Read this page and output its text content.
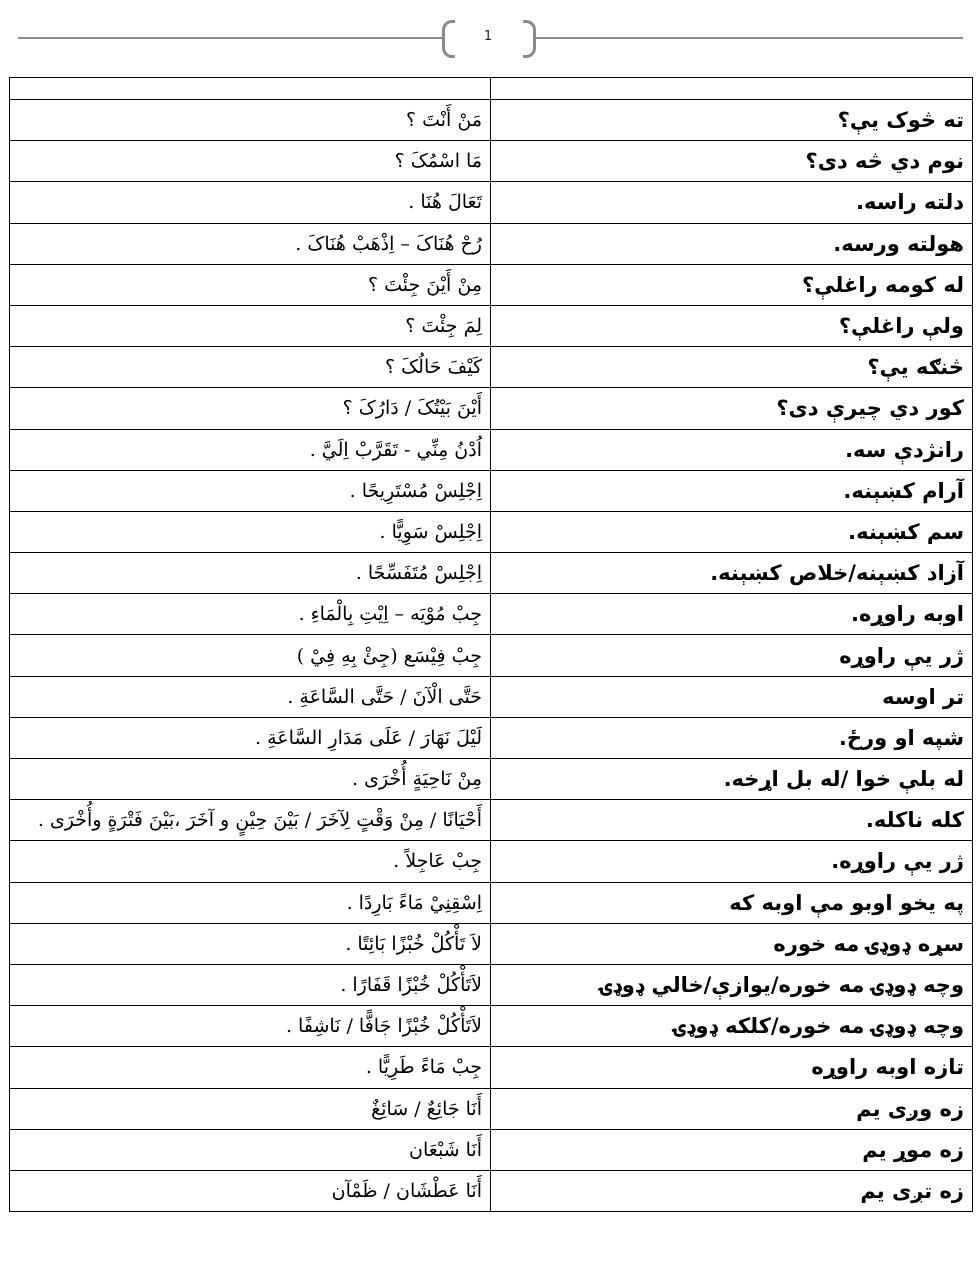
1

مَنْ أَنْتَ ؟	ته څوک یې؟
مَا اسْمُکَ ؟	نوم دي څه دی؟
تَعَالَ هُنَا .	دلته راسه.
رُحْ هُنَاکَ – اِذْهَبْ هُنَاکَ .	هولته ورسه.
مِنْ أَيْنَ جِئْتَ ؟	له کومه راغلې؟
لِمَ جِئْتَ ؟	ولې راغلې؟
کَيْفَ حَالُکَ ؟	څنګه یې؟
أَيْنَ بَيْتُکَ / دَارُکَ ؟	کور دي چیرې دی؟
اُدْنُ مِنِّي - تَقَرَّبْ اِلَيَّ .	رانژدې سه.
اِجْلِسْ مُسْتَرِيحًا .	آرام کښېنه.
اِجْلِسْ سَوِيًّا .	سم کښېنه.
اِجْلِسْ مُتَفَسِّحًا .	آزاد کښېنه/خلاص کښېنه.
جِبْ مُوْيَه – اِيْتِ بِالْمَاءِ .	اوبه راوړه.
جِبْ فِيْسَع (جِئْ بِهِ فِيْ )	ژر یې راوړه
حَتَّى الْآنَ / حَتَّى السَّاعَةِ .	تر اوسه
لَيْلَ نَهَارَ / عَلَى مَدَارِ السَّاعَةِ .	شپه او ورځ.
مِنْ نَاحِيَةٍ أُخْرَى .	له بلې خوا /له بل اړخه.
أَحْيَانًا / مِنْ وَقْتٍ لِآخَرَ / بَيْنَ حِيْنٍ و آخَرَ ،بَيْنَ فَتْرَةٍ وأُخْرَى .	کله ناکله.
جِبْ عَاجِلاً .	ژر یې راوړه.
اِسْقِنِيْ مَاءً بَارِدًا .	په یخو اوبو مې اوبه که
لاَ تَأْكُلْ خُبْزًا بَائِتًا .	سړه ډوډۍ مه خوره
لاَتَأْكُلْ خُبْزًا قَفَارًا .	وچه ډوډۍ مه خوره/یوازې/خالي ډوډۍ
لاَتَأْكُلْ خُبْزًا جَافًّا / نَاشِفًا .	وچه ډوډۍ مه خوره/کلکه ډوډۍ
جِبْ مَاءً طَرِيًّا .	تازه اوبه راوړه
أَنَا جَائِعٌ / سَائِغٌ	زه وږی یم
أَنَا شَبْعَان	زه موړ یم
أَنَا عَطْشَان / ظَمْآن	زه تږی یم
